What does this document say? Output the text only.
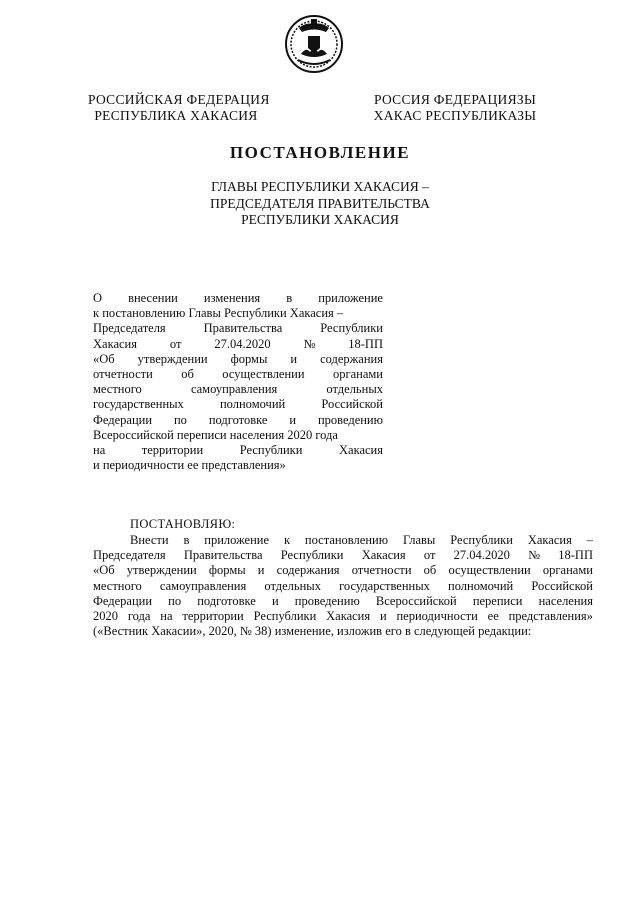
РОССИЙСКАЯ ФЕДЕРАЦИЯ
РЕСПУБЛИКА ХАКАСИЯ
РОССИЯ ФЕДЕРАЦИЯЗЫ
ХАКАС РЕСПУБЛИКАЗЫ
ПОСТАНОВЛЕНИЕ
ГЛАВЫ РЕСПУБЛИКИ ХАКАСИЯ –
ПРЕДСЕДАТЕЛЯ ПРАВИТЕЛЬСТВА
РЕСПУБЛИКИ ХАКАСИЯ
О внесении изменения в приложение
к постановлению Главы Республики Хакасия –
Председателя	Правительства	Республики
Хакасия	от	27.04.2020	№	18-ПП
«Об утверждении формы и содержания
отчетности об осуществлении органами
местного	самоуправления	отдельных
государственных	полномочий	Российской
Федерации по подготовке и проведению
Всероссийской переписи населения 2020 года
на	территории	Республики	Хакасия
и периодичности ее представления»
ПОСТАНОВЛЯЮ:
Внести в приложение к постановлению Главы Республики Хакасия –
Председателя Правительства Республики Хакасия от 27.04.2020 № 18-ПП
«Об утверждении формы и содержания отчетности об осуществлении органами
местного самоуправления отдельных государственных полномочий Российской
Федерации по подготовке и проведению Всероссийской переписи населения
2020 года на территории Республики Хакасия и периодичности ее представления»
(«Вестник Хакасии», 2020, № 38) изменение, изложив его в следующей редакции:
